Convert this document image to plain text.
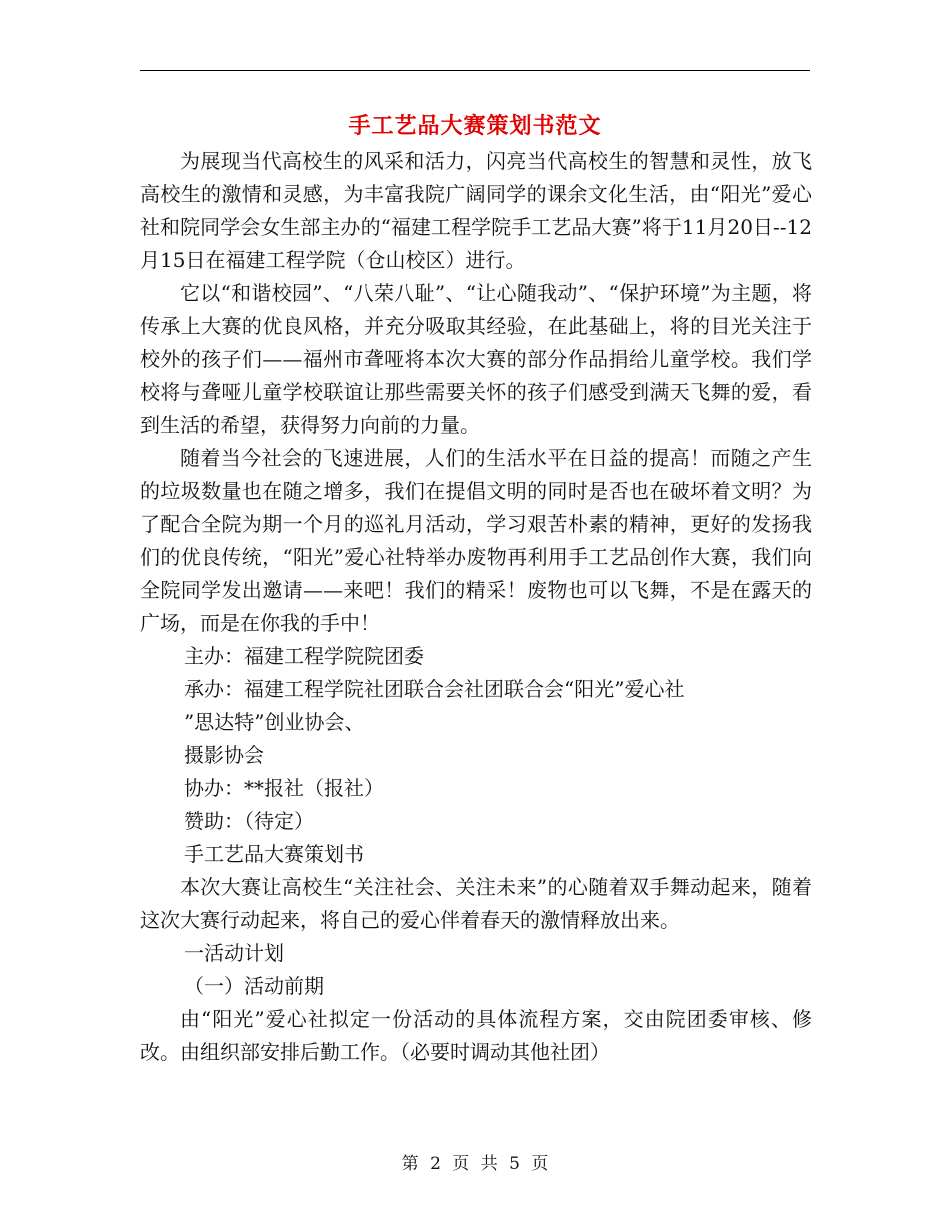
手工艺品大赛策划书范文

为展现当代高校生的风采和活力，闪亮当代高校生的智慧和灵性，放飞高校生的激情和灵感，为丰富我院广阔同学的课余文化生活，由“阳光”爱心社和院同学会女生部主办的“福建工程学院手工艺品大赛”将于11月20日--12月15日在福建工程学院（仓山校区）进行。

它以“和谐校园”、“八荣八耻”、“让心随我动”、“保护环境”为主题，将传承上大赛的优良风格，并充分吸取其经验，在此基础上，将的目光关注于校外的孩子们——福州市聋哑将本次大赛的部分作品捐给儿童学校。我们学校将与聋哑儿童学校联谊让那些需要关怀的孩子们感受到满天飞舞的爱，看到生活的希望，获得努力向前的力量。

随着当今社会的飞速进展，人们的生活水平在日益的提高！而随之产生的垃圾数量也在随之增多，我们在提倡文明的同时是否也在破坏着文明？为了配合全院为期一个月的巡礼月活动，学习艰苦朴素的精神，更好的发扬我们的优良传统，“阳光”爱心社特举办废物再利用手工艺品创作大赛，我们向全院同学发出邀请——来吧！我们的精采！废物也可以飞舞，不是在露天的广场，而是在你我的手中！

主办：福建工程学院院团委

承办：福建工程学院社团联合会社团联合会“阳光”爱心社

”思达特”创业协会、

摄影协会

协办：**报社（报社）

赞助：（待定）

手工艺品大赛策划书

本次大赛让高校生“关注社会、关注未来”的心随着双手舞动起来，随着这次大赛行动起来，将自己的爱心伴着春天的激情释放出来。

一活动计划

（一）活动前期

由“阳光”爱心社拟定一份活动的具体流程方案，交由院团委审核、修改。由组织部安排后勤工作。（必要时调动其他社团）

第 2 页 共 5 页
